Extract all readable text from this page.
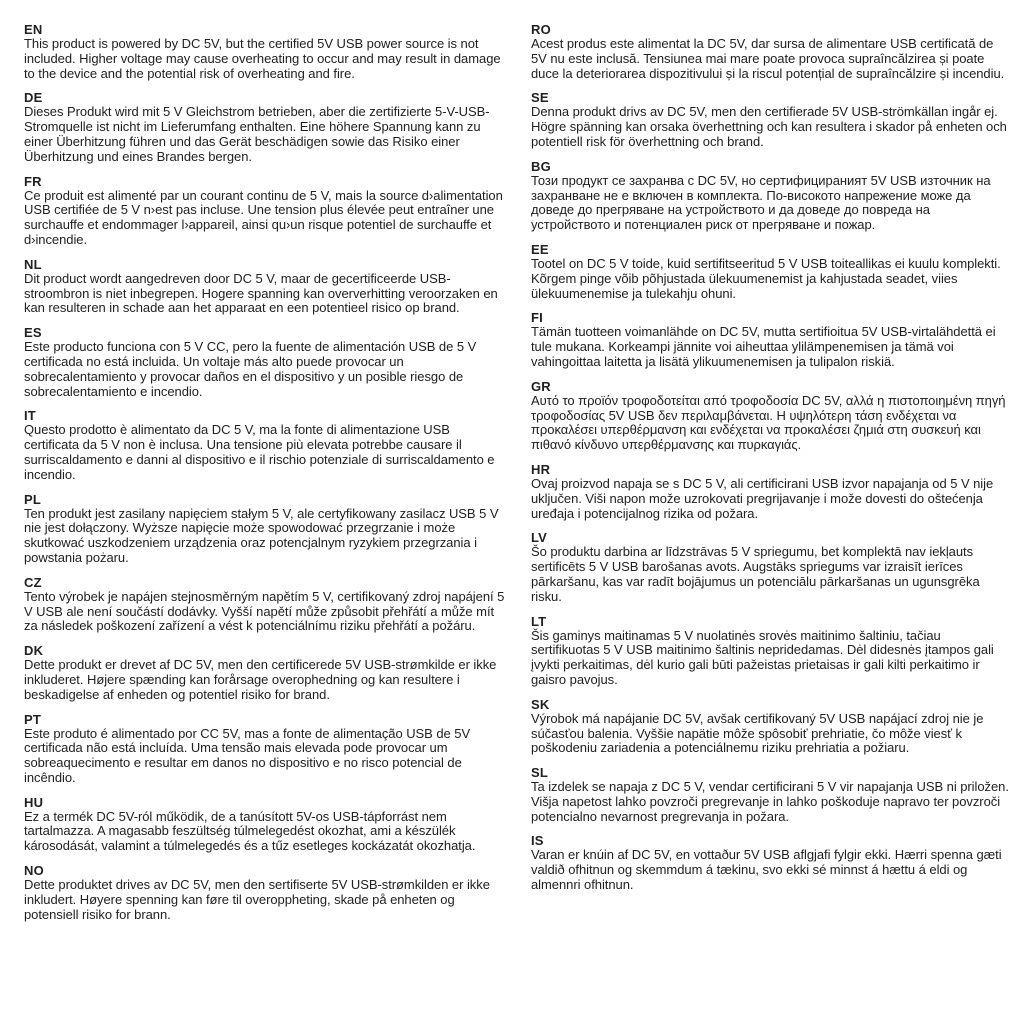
EN

This product is powered by DC 5V, but the certified 5V USB power source is not included. Higher voltage may cause overheating to occur and may result in damage to the device and the potential risk of overheating and fire.

DE

Dieses Produkt wird mit 5 V Gleichstrom betrieben, aber die zertifizierte 5-V-USB-Stromquelle ist nicht im Lieferumfang enthalten. Eine höhere Spannung kann zu einer Überhitzung führen und das Gerät beschädigen sowie das Risiko einer Überhitzung und eines Brandes bergen.

FR

Ce produit est alimenté par un courant continu de 5 V, mais la source d›alimentation USB certifiée de 5 V n›est pas incluse. Une tension plus élevée peut entraîner une surchauffe et endommager l›appareil, ainsi qu›un risque potentiel de surchauffe et d›incendie.

NL

Dit product wordt aangedreven door DC 5 V, maar de gecertificeerde USB-stroombron is niet inbegrepen. Hogere spanning kan oververhitting veroorzaken en kan resulteren in schade aan het apparaat en een potentieel risico op brand.

ES

Este producto funciona con 5 V CC, pero la fuente de alimentación USB de 5 V certificada no está incluida. Un voltaje más alto puede provocar un sobrecalentamiento y provocar daños en el dispositivo y un posible riesgo de sobrecalentamiento e incendio.

IT

Questo prodotto è alimentato da DC 5 V, ma la fonte di alimentazione USB certificata da 5 V non è inclusa. Una tensione più elevata potrebbe causare il surriscaldamento e danni al dispositivo e il rischio potenziale di surriscaldamento e incendio.

PL

Ten produkt jest zasilany napięciem stałym 5 V, ale certyfikowany zasilacz USB 5 V nie jest dołączony. Wyższe napięcie może spowodować przegrzanie i może skutkować uszkodzeniem urządzenia oraz potencjalnym ryzykiem przegrzania i powstania pożaru.

CZ

Tento výrobek je napájen stejnosměrným napětím 5 V, certifikovaný zdroj napájení 5 V USB ale není součástí dodávky. Vyšší napětí může způsobit přehřátí a může mít za následek poškození zařízení a vést k potenciálnímu riziku přehřátí a požáru.

DK

Dette produkt er drevet af DC 5V, men den certificerede 5V USB-strømkilde er ikke inkluderet. Højere spænding kan forårsage overophedning og kan resultere i beskadigelse af enheden og potentiel risiko for brand.

PT

Este produto é alimentado por CC 5V, mas a fonte de alimentação USB de 5V certificada não está incluída. Uma tensão mais elevada pode provocar um sobreaquecimento e resultar em danos no dispositivo e no risco potencial de incêndio.

HU

Ez a termék DC 5V-ról működik, de a tanúsított 5V-os USB-tápforrást nem tartalmazza. A magasabb feszültség túlmelegedést okozhat, ami a készülék károsodását, valamint a túlmelegedés és a tűz esetleges kockázatát okozhatja.

NO

Dette produktet drives av DC 5V, men den sertifiserte 5V USB-strømkilden er ikke inkludert. Høyere spenning kan føre til overoppheting, skade på enheten og potensiell risiko for brann.

RO

Acest produs este alimentat la DC 5V, dar sursa de alimentare USB certificată de 5V nu este inclusă. Tensiunea mai mare poate provoca supraîncălzirea și poate duce la deteriorarea dispozitivului și la riscul potențial de supraîncălzire și incendiu.

SE

Denna produkt drivs av DC 5V, men den certifierade 5V USB-strömkällan ingår ej. Högre spänning kan orsaka överhettning och kan resultera i skador på enheten och potentiell risk för överhettning och brand.

BG

Този продукт се захранва с DC 5V, но сертифицираният 5V USB източник на захранване не е включен в комплекта. По-високото напрежение може да доведе до прегряване на устройството и да доведе до повреда на устройството и потенциален риск от прегряване и пожар.

EE

Tootel on DC 5 V toide, kuid sertifitseeritud 5 V USB toiteallikas ei kuulu komplekti. Kõrgem pinge võib põhjustada ülekuumenemist ja kahjustada seadet, viies ülekuumenemise ja tulekahju ohuni.

FI

Tämän tuotteen voimanlähde on DC 5V, mutta sertifioitua 5V USB-virtalähdettä ei tule mukana. Korkeampi jännite voi aiheuttaa ylilämpenemisen ja tämä voi vahingoittaa laitetta ja lisätä ylikuumenemisen ja tulipalon riskiä.

GR

Αυτό το προϊόν τροφοδοτείται από τροφοδοσία DC 5V, αλλά η πιστοποιημένη πηγή τροφοδοσίας 5V USB δεν περιλαμβάνεται. Η υψηλότερη τάση ενδέχεται να προκαλέσει υπερθέρμανση και ενδέχεται να προκαλέσει ζημιά στη συσκευή και πιθανό κίνδυνο υπερθέρμανσης και πυρκαγιάς.

HR

Ovaj proizvod napaja se s DC 5 V, ali certificirani USB izvor napajanja od 5 V nije uključen. Viši napon može uzrokovati pregrijavanje i može dovesti do oštećenja uređaja i potencijalnog rizika od požara.

LV

Šo produktu darbina ar līdzstrāvas 5 V spriegumu, bet komplektā nav iekļauts sertificēts 5 V USB barošanas avots. Augstāks spriegums var izraisīt ierīces pārkaršanu, kas var radīt bojājumus un potenciālu pārkaršanas un ugunsgrēka risku.

LT

Šis gaminys maitinamas 5 V nuolatinės srovės maitinimo šaltiniu, tačiau sertifikuotas 5 V USB maitinimo šaltinis nepridedamas. Dėl didesnės įtampos gali įvykti perkaitimas, dėl kurio gali būti pažeistas prietaisas ir gali kilti perkaitimo ir gaisro pavojus.

SK

Výrobok má napájanie DC 5V, avšak certifikovaný 5V USB napájací zdroj nie je súčasťou balenia. Vyššie napätie môže spôsobiť prehriatie, čo môže viesť k poškodeniu zariadenia a potenciálnemu riziku prehriatia a požiaru.

SL

Ta izdelek se napaja z DC 5 V, vendar certificirani 5 V vir napajanja USB ni priložen. Višja napetost lahko povzroči pregrevanje in lahko poškoduje napravo ter povzroči potencialno nevarnost pregrevanja in požara.

IS

Varan er knúin af DC 5V, en vottaður 5V USB aflgjafi fylgir ekki. Hærri spenna gæti valdið ofhitnun og skemmdum á tækinu, svo ekki sé minnst á hættu á eldi og almennri ofhitnun.
